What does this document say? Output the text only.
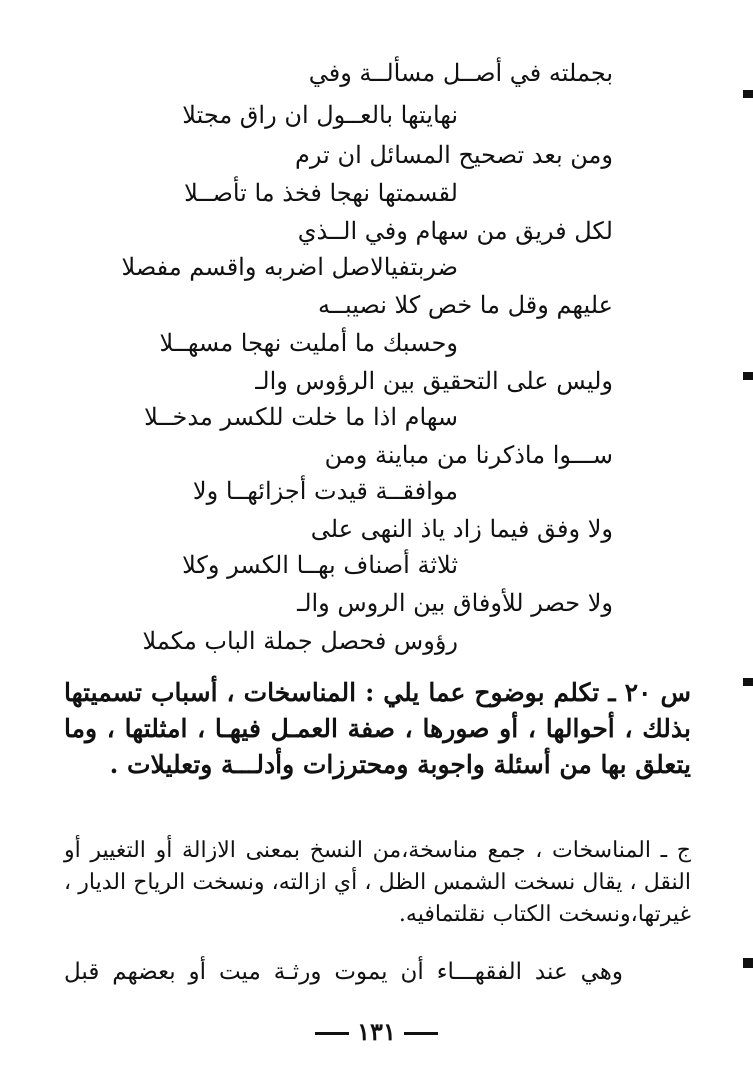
بجملته في أصــل مسألــة وفي
نهايتها بالعــول ان راق مجتلا
ومن بعد تصحيح المسائل ان ترم
لقسمتها نهجا فخذ ما تأصــلا
لكل فريق من سهام وفي الــذي
ضربتفيالاصل اضربه واقسم مفصلا
عليهم وقل ما خص كلا نصيبــه
وحسبك ما أمليت نهجا مسهــلا
وليس على التحقيق بين الرؤوس والـ
سهام اذا ما خلت للكسر مدخــلا
ســـوا ماذكرنا من مباينة ومن
موافقــة قيدت أجزائهــا ولا
ولا وفق فيما زاد ياذ النهى على
ثلاثة أصناف بهــا الكسر وكلا
ولا حصر للأوفاق بين الروس والـ
رؤوس فحصل جملة الباب مكملا
س ٢٠ ـ تكلم بوضوح عما يلي : المناسخات ، أسباب تسميتها بذلك ، أحوالها ، أو صورها ، صفة العمـل فيهـا ، امثلتها ، وما يتعلق بها من أسئلة واجوبة ومحترزات وأدلـــة وتعليلات .
ج ـ المناسخات ، جمع مناسخة،من النسخ بمعنى الازالة أو التغيير أو النقل ، يقال نسخت الشمس الظل ، أي ازالته، ونسخت الرياح الديار ، غيرتها،ونسخت الكتاب نقلتمافيه.
وهي عند الفقهـــاء أن يموت ورثـة ميت أو بعضهم قبل
١٣١
